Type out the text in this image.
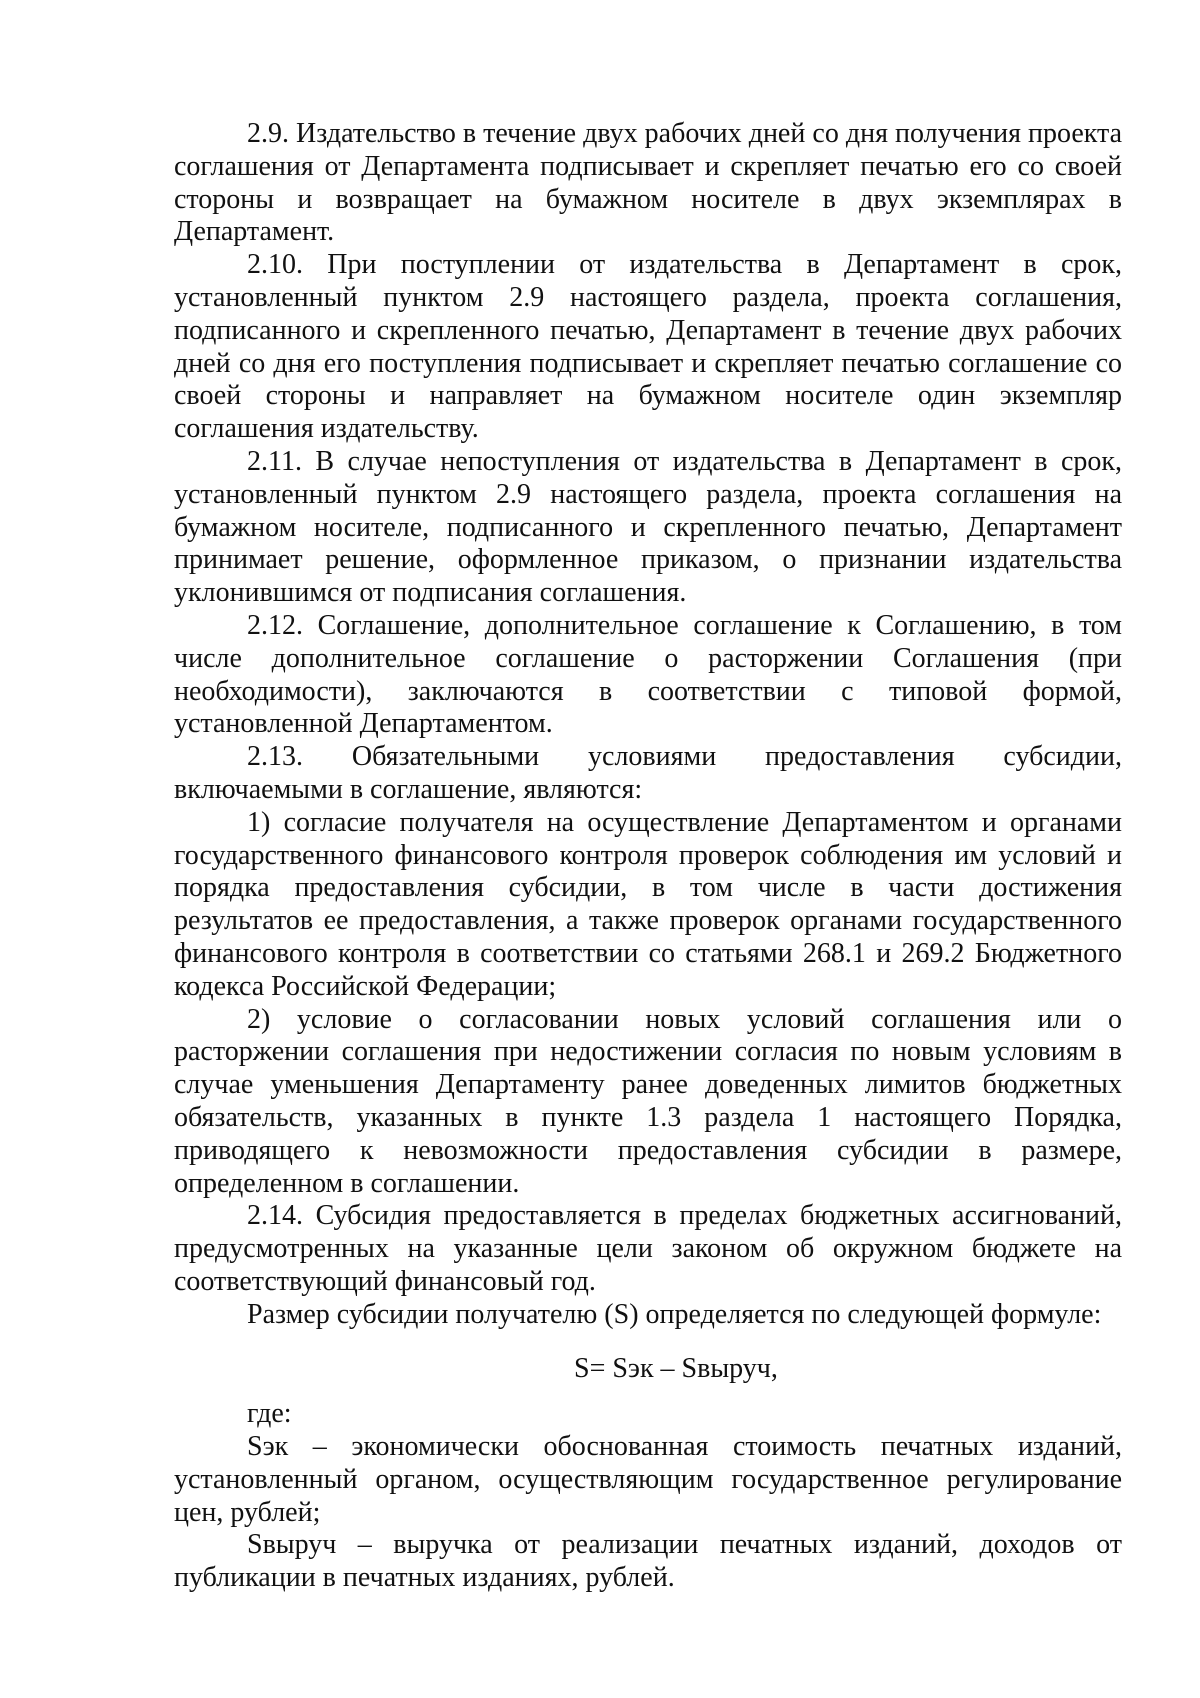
2.9. Издательство в течение двух рабочих дней со дня получения проекта соглашения от Департамента подписывает и скрепляет печатью его со своей стороны и возвращает на бумажном носителе в двух экземплярах в Департамент.

2.10. При поступлении от издательства в Департамент в срок, установленный пунктом 2.9 настоящего раздела, проекта соглашения, подписанного и скрепленного печатью, Департамент в течение двух рабочих дней со дня его поступления подписывает и скрепляет печатью соглашение со своей стороны и направляет на бумажном носителе один экземпляр соглашения издательству.

2.11. В случае непоступления от издательства в Департамент в срок, установленный пунктом 2.9 настоящего раздела, проекта соглашения на бумажном носителе, подписанного и скрепленного печатью, Департамент принимает решение, оформленное приказом, о признании издательства уклонившимся от подписания соглашения.

2.12. Соглашение, дополнительное соглашение к Соглашению, в том числе дополнительное соглашение о расторжении Соглашения (при необходимости), заключаются в соответствии с типовой формой, установленной Департаментом.

2.13. Обязательными условиями предоставления субсидии, включаемыми в соглашение, являются:

1) согласие получателя на осуществление Департаментом и органами государственного финансового контроля проверок соблюдения им условий и порядка предоставления субсидии, в том числе в части достижения результатов ее предоставления, а также проверок органами государственного финансового контроля в соответствии со статьями 268.1 и 269.2 Бюджетного кодекса Российской Федерации;

2) условие о согласовании новых условий соглашения или о расторжении соглашения при недостижении согласия по новым условиям в случае уменьшения Департаменту ранее доведенных лимитов бюджетных обязательств, указанных в пункте 1.3 раздела 1 настоящего Порядка, приводящего к невозможности предоставления субсидии в размере, определенном в соглашении.

2.14. Субсидия предоставляется в пределах бюджетных ассигнований, предусмотренных на указанные цели законом об окружном бюджете на соответствующий финансовый год.

Размер субсидии получателю (S) определяется по следующей формуле:

S= Sэк – Sвыруч,

где:

Sэк – экономически обоснованная стоимость печатных изданий, установленный органом, осуществляющим государственное регулирование цен, рублей;

Sвыруч – выручка от реализации печатных изданий, доходов от публикации в печатных изданиях, рублей.
